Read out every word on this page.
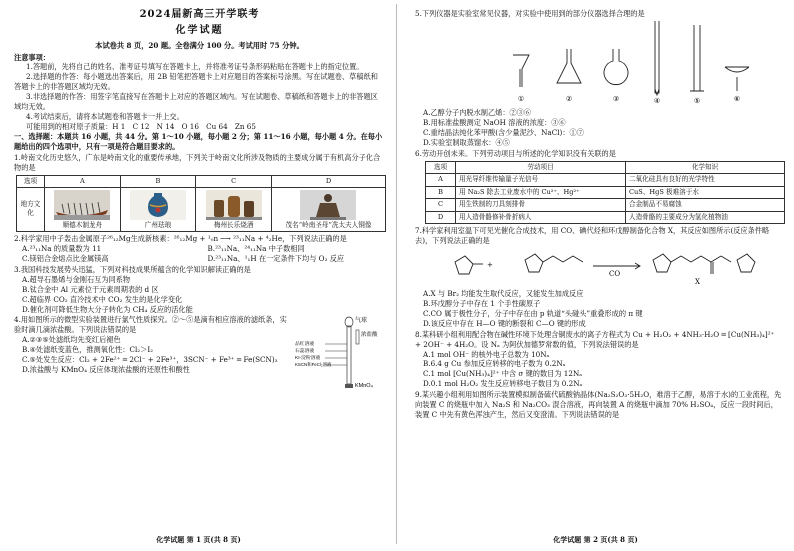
2024届新高三开学联考
化学试题
本试卷共 8 页，20 题。全卷满分 100 分。考试用时 75 分钟。

注意事项：

1.答题前，先将自己的姓名、准考证号填写在答题卡上，并将准考证号条形码粘贴在答题卡上的指定位置。

2.选择题的作答：每小题选出答案后，用 2B 铅笔把答题卡上对应题目的答案标号涂黑。写在试题卷、草稿纸和答题卡上的非答题区域均无效。

3.非选择题的作答：用签字笔直接写在答题卡上对应的答题区域内。写在试题卷、草稿纸和答题卡上的非答题区域均无效。

4.考试结束后，请将本试题卷和答题卡一并上交。

可能用到的相对原子质量：H 1　C 12　N 14　O 16　Cu 64　Zn 65

一、选择题：本题共 16 小题，共 44 分。第 1～10 小题，每小题 2 分；第 11～16 小题，每小题 4 分。在每小题给出的四个选项中，只有一项是符合题目要求的。

1.岭南文化历史悠久，广东是岭南文化的重要传承地，下列关于岭南文化所涉及物质的主要成分属于有机高分子化合物的是

选项	A	B	C	D
地方文化	顺德木制龙舟	广州珐琅	梅州长乐烧酒	茂名“岭南圣母”冼太夫人铜像

2.科学家用中子轰击金属原子²⁶₁₂Mg生成新核素：²⁶₁₂Mg + ¹₀n ─→ ²³₁₁Na + ⁴₂He，下列说法正确的是

A.²³₁₁Na 的质量数为 11	B.²³₁₁Na、²⁴₁₁Na 中子数相同

C.镁铝合金熔点比金属镁高	D.²³₁₁Na、¹₁H 在一定条件下均与 O₂ 反应

3.我国科技发展势头迅猛，下列对科技成果所蕴含的化学知识解读正确的是

A.超导石墨烯与金刚石互为同系物

B.钛合金中 Al 元素位于元素周期表的 d 区

C.超临界 CO₂ 直冷技术中 CO₂ 发生的是化学变化

D.催化剂可降低生物大分子转化为 CH₄ 反应的活化能

气球
浓盐酸
品红溶液
石蕊溶液
KI-淀粉溶液
KSCN和FeCl₂溶液
KMnO₄

4.用如图所示的微型实验装置进行氯气性质探究。②～⑤是滴有相应溶液的滤纸条，实验时滴几滴浓盐酸。下列说法错误的是

A.②③⑤处滤纸均先变红后褪色

B.④处滤纸变蓝色，推测氧化性：Cl₂＞I₂

C.⑤处发生反应：Cl₂ + 2Fe²⁺ ═ 2Cl⁻ + 2Fe³⁺，3SCN⁻ + Fe³⁺ ═ Fe(SCN)₃

D.浓盐酸与 KMnO₄ 反应体现浓盐酸的还原性和酸性

化学试题 第 1 页(共 8 页)

5.下列仪器是实验室常见仪器，对实验中使用到的部分仪器选择合理的是

①	②	③	④	⑤	⑥

A.乙醇分子内脱水制乙烯：②③⑥

B.用标准盐酸测定 NaOH 溶液的浓度：③⑥

C.重结晶法纯化苯甲酸(含少量泥沙、NaCl)：①⑦

D.实验室制取蒸馏水：④⑤

6.劳动开创未来。下列劳动项目与所述的化学知识没有关联的是

选项	劳动项目	化学知识
A	用光导纤维传输量子光信号	二氧化硅具有良好的光学特性
B	用 Na₂S 除去工业废水中的 Cu²⁺、Hg²⁺	CuS、HgS 极难溶于水
C	用生铁制的刀具刻排骨	合金制品不易腐蚀
D	用人造骨骼修补骨折病人	人造骨骼的主要成分为氢化植物油

7.科学家利用室温下可见光催化合成技术，用 CO、碘代烃和环戊醇制备化合物 X，其反应如图所示(反应条件略去)，下列说法正确的是

+
CO
X

A.X 与 Br₂ 均能发生取代反应，又能发生加成反应

B.环戊醇分子中存在 1 个手性碳原子

C.CO 属于极性分子，分子中存在由 p 轨道“头碰头”重叠形成的 π 键

D.该反应中存在 H—O 键的断裂和 C—O 键的形成

8.某科研小组利用配合物在碱性环境下处理含铜废水的离子方程式为 Cu + H₂O₂ + 4NH₃·H₂O ═ [Cu(NH₃)₄]²⁺ + 2OH⁻ + 4H₂O。设 Nₐ 为阿伏加德罗常数的值，下列说法错误的是

A.1 mol OH⁻ 的核外电子总数为 10Nₐ

B.6.4 g Cu 参加反应转移的电子数为 0.2Nₐ

C.1 mol [Cu(NH₃)₄]²⁺ 中含 σ 键的数目为 12Nₐ

D.0.1 mol H₂O₂ 发生反应转移电子数目为 0.2Nₐ

9.某兴趣小组利用如图所示装置模拟制备硫代硫酸钠晶体(Na₂S₂O₃·5H₂O，难溶于乙醇，易溶于水)的工业流程，先向装置 C 的烧瓶中加入 Na₂S 和 Na₂CO₃ 混合溶液，再向装置 A 的烧瓶中滴加 70% H₂SO₄，反应一段时间后，装置 C 中先有黄色浑浊产生，然后又变澄清。下列说法错误的是

化学试题 第 2 页(共 8 页)
